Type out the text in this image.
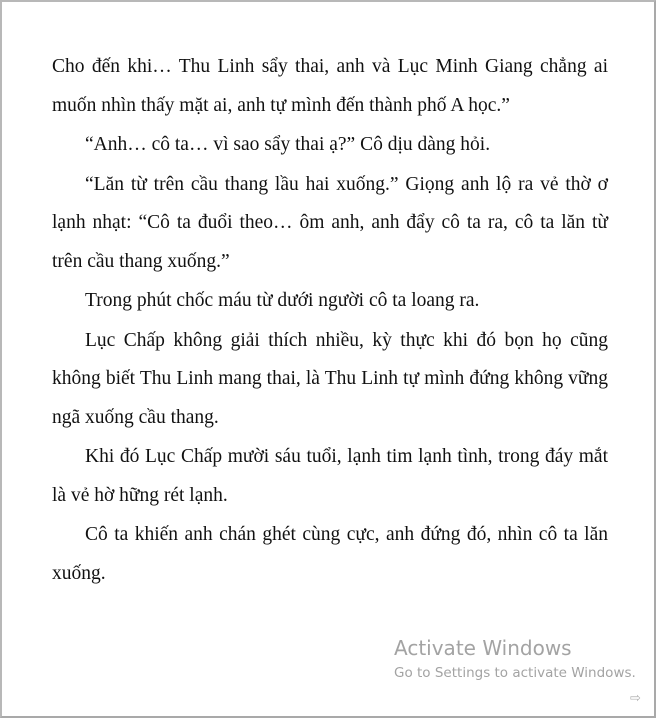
Cho đến khi… Thu Linh sẩy thai, anh và Lục Minh Giang chẳng ai muốn nhìn thấy mặt ai, anh tự mình đến thành phố A học.”

“Anh… cô ta… vì sao sẩy thai ạ?” Cô dịu dàng hỏi.

“Lăn từ trên cầu thang lầu hai xuống.” Giọng anh lộ ra vẻ thờ ơ lạnh nhạt: “Cô ta đuổi theo… ôm anh, anh đẩy cô ta ra, cô ta lăn từ trên cầu thang xuống.”

Trong phút chốc máu từ dưới người cô ta loang ra.

Lục Chấp không giải thích nhiều, kỳ thực khi đó bọn họ cũng không biết Thu Linh mang thai, là Thu Linh tự mình đứng không vững ngã xuống cầu thang.

Khi đó Lục Chấp mười sáu tuổi, lạnh tim lạnh tình, trong đáy mắt là vẻ hờ hững rét lạnh.

Cô ta khiến anh chán ghét cùng cực, anh đứng đó, nhìn cô ta lăn xuống.

Activate Windows
Go to Settings to activate Windows.
⇨
